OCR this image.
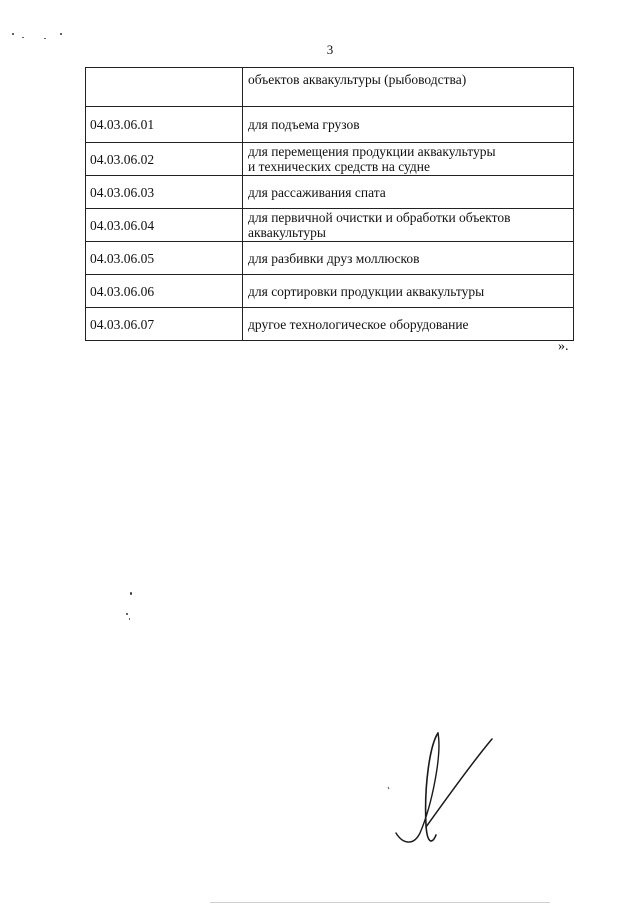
3

	объектов аквакультуры (рыбоводства)

04.03.06.01	для подъема грузов

04.03.06.02	для перемещения продукции аквакультуры
и технических средств на судне

04.03.06.03	для рассаживания спата

04.03.06.04	для первичной очистки и обработки объектов
аквакультуры

04.03.06.05	для разбивки друз моллюсков

04.03.06.06	для сортировки продукции аквакультуры

04.03.06.07	другое технологическое оборудование
».
